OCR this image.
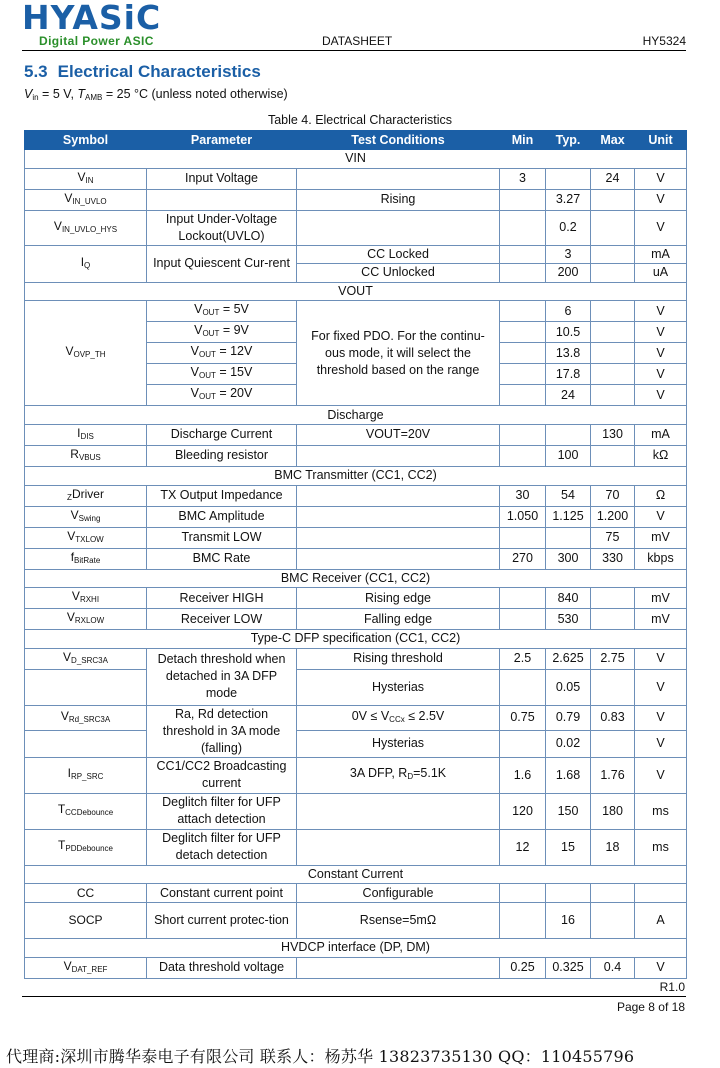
HYASiC
Digital Power ASIC	DATASHEET	HY5324
5.3 Electrical Characteristics
$V_{in} = 5$ V, $T_{AMB} = 25$ °C (unless noted otherwise)
Table 4. Electrical Characteristics
Symbol	Parameter	Test Conditions	Min	Typ.	Max	Unit
VIN						
$V_{IN}$	Input Voltage		3		24	V
$V_{IN\_UVLO}$		Rising		3.27		V
$V_{IN\_UVLO\_HYS}$	Input Under-Voltage Lockout(UVLO)			0.2		V
$I_Q$	Input Quiescent Cur-rent	CC Locked		3		mA
		CC Unlocked		200		uA
VOUT						
$V_{OVP\_TH}$	$V_{OUT} = 5V$	For fixed PDO. For the continu-ous mode, it will select the threshold based on the range		6		V
	$V_{OUT} = 9V$			10.5		V
	$V_{OUT} = 12V$			13.8		V
	$V_{OUT} = 15V$			17.8		V
	$V_{OUT} = 20V$			24		V
Discharge						
$I_{DIS}$	Discharge Current	VOUT=20V			130	mA
$R_{VBUS}$	Bleeding resistor			100		kΩ
BMC Transmitter (CC1, CC2)						
$_Z$Driver	TX Output Impedance		30	54	70	Ω
$V_{Swing}$	BMC Amplitude		1.050	1.125	1.200	V
$V_{TXLOW}$	Transmit LOW				75	mV
$f_{BitRate}$	BMC Rate		270	300	330	kbps
BMC Receiver (CC1, CC2)						
$V_{RXHI}$	Receiver HIGH	Rising edge		840		mV
$V_{RXLOW}$	Receiver LOW	Falling edge		530		mV
Type-C DFP specification (CC1, CC2)						
$V_{D\_SRC3A}$	Detach threshold when detached in 3A DFP mode	Rising threshold	2.5	2.625	2.75	V
		Hysterias		0.05		V
$V_{Rd\_SRC3A}$	Ra, Rd detection threshold in 3A mode (falling)	$0V \le V_{CCx} \le 2.5V$	0.75	0.79	0.83	V
		Hysterias		0.02		V
$I_{RP\_SRC}$	CC1/CC2 Broadcasting current	3A DFP, $R_D=5.1K$	1.6	1.68	1.76	V
$T_{CCDebounce}$	Deglitch filter for UFP attach detection		120	150	180	ms
$T_{PDDebounce}$	Deglitch filter for UFP detach detection		12	15	18	ms
Constant Current						
CC	Constant current point	Configurable				
SOCP	Short current protec-tion	Rsense=5mΩ		16		A
HVDCP interface (DP, DM)						
$V_{DAT\_REF}$	Data threshold voltage		0.25	0.325	0.4	V
R1.0
Page 8 of 18
代理商:深圳市腾华泰电子有限公司 联系人：杨苏华 13823735130 QQ：110455796
